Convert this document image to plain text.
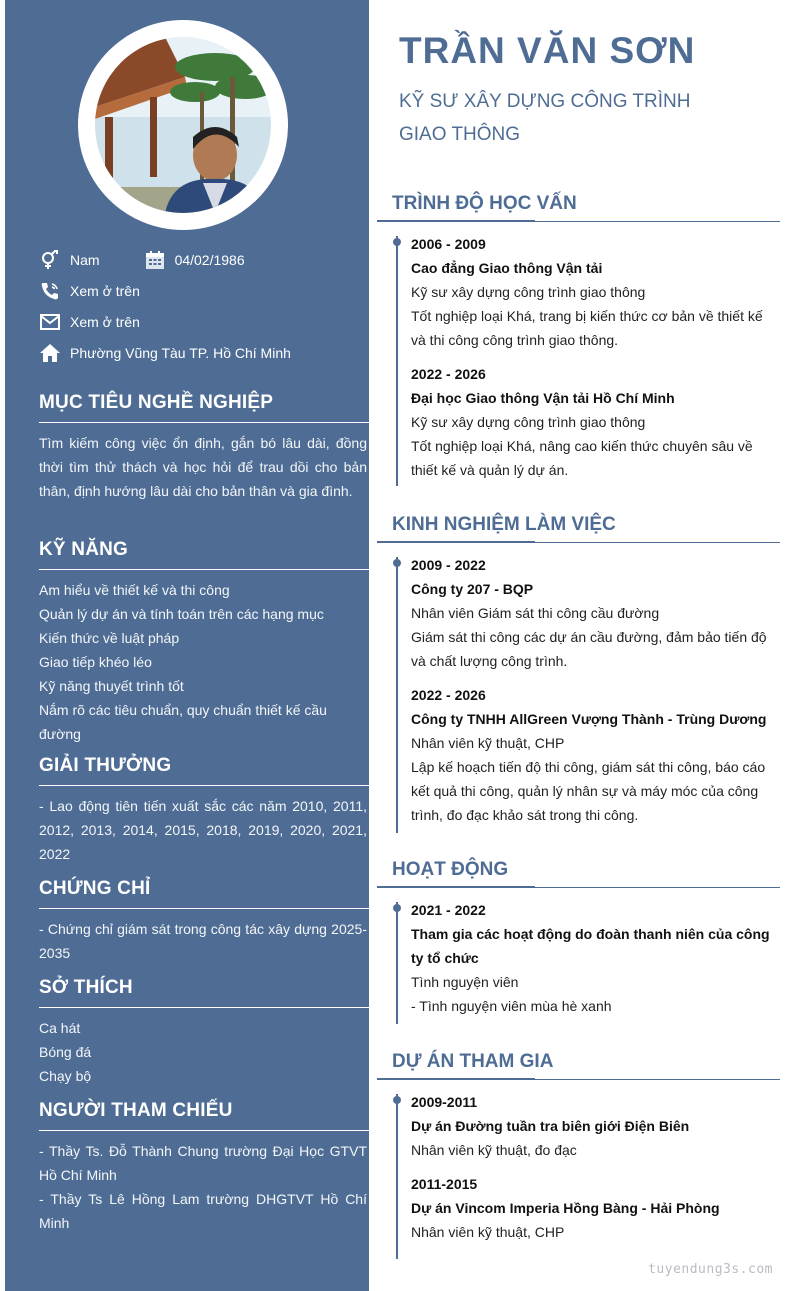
Nam	04/02/1986
Xem ở trên
Xem ở trên
Phường Vũng Tàu TP. Hồ Chí Minh
MỤC TIÊU NGHỀ NGHIỆP
Tìm kiếm công việc ổn định, gắn bó lâu dài, đồng thời tìm thử thách và học hỏi để trau dồi cho bản thân, định hướng lâu dài cho bản thân và gia đình.
KỸ NĂNG
Am hiểu về thiết kế và thi công
Quản lý dự án và tính toán trên các hạng mục
Kiến thức về luật pháp
Giao tiếp khéo léo
Kỹ năng thuyết trình tốt
Nắm rõ các tiêu chuẩn, quy chuẩn thiết kế cầu đường
GIẢI THƯỞNG
- Lao động tiên tiến xuất sắc các năm 2010, 2011, 2012, 2013, 2014, 2015, 2018, 2019, 2020, 2021, 2022
CHỨNG CHỈ
- Chứng chỉ giám sát trong công tác xây dựng 2025-2035
SỞ THÍCH
Ca hát
Bóng đá
Chạy bộ
NGƯỜI THAM CHIẾU
- Thầy Ts. Đỗ Thành Chung trường Đại Học GTVT Hồ Chí Minh
- Thầy Ts Lê Hồng Lam trường DHGTVT Hồ Chí Minh
TRẦN VĂN SƠN
KỸ SƯ XÂY DỰNG CÔNG TRÌNH GIAO THÔNG
TRÌNH ĐỘ HỌC VẤN
2006 - 2009
Cao đẳng Giao thông Vận tải
Kỹ sư xây dựng công trình giao thông
Tốt nghiệp loại Khá, trang bị kiến thức cơ bản về thiết kế và thi công công trình giao thông.
2022 - 2026
Đại học Giao thông Vận tải Hồ Chí Minh
Kỹ sư xây dựng công trình giao thông
Tốt nghiệp loại Khá, nâng cao kiến thức chuyên sâu về thiết kế và quản lý dự án.
KINH NGHIỆM LÀM VIỆC
2009 - 2022
Công ty 207 - BQP
Nhân viên Giám sát thi công cầu đường
Giám sát thi công các dự án cầu đường, đảm bảo tiến độ và chất lượng công trình.
2022 - 2026
Công ty TNHH AllGreen Vượng Thành - Trùng Dương
Nhân viên kỹ thuật, CHP
Lập kế hoạch tiến độ thi công, giám sát thi công, báo cáo kết quả thi công, quản lý nhân sự và máy móc của công trình, đo đạc khảo sát trong thi công.
HOẠT ĐỘNG
2021 - 2022
Tham gia các hoạt động do đoàn thanh niên của công ty tổ chức
Tình nguyện viên
- Tình nguyện viên mùa hè xanh
DỰ ÁN THAM GIA
2009-2011
Dự án Đường tuần tra biên giới Điện Biên
Nhân viên kỹ thuật, đo đạc
2011-2015
Dự án Vincom Imperia Hồng Bàng - Hải Phòng
Nhân viên kỹ thuật, CHP
tuyendung3s.com
